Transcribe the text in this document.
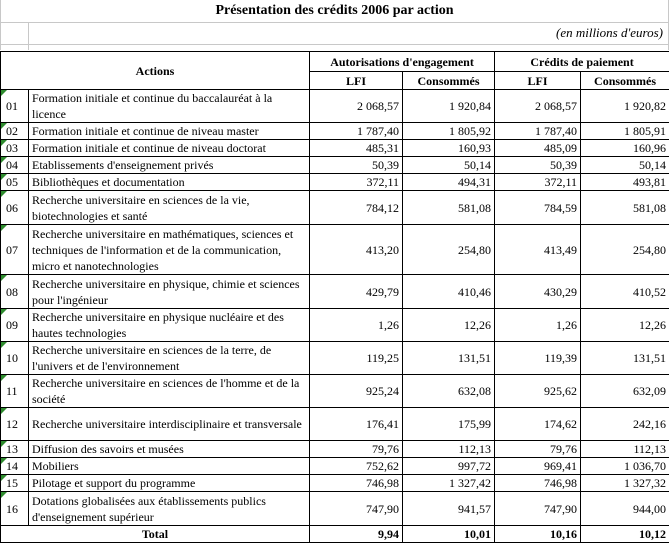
Présentation des crédits 2006 par action
(en millions d'euros)
Actions		Autorisations d'engagement		Crédits de paiement	
		LFI	Consommés	LFI	Consommés
01	Formation initiale et continue du baccalauréat à la licence	2 068,57	1 920,84	2 068,57	1 920,82
02	Formation initiale et continue de niveau master	1 787,40	1 805,92	1 787,40	1 805,91
03	Formation initiale et continue de niveau doctorat	485,31	160,93	485,09	160,96
04	Etablissements d'enseignement privés	50,39	50,14	50,39	50,14
05	Bibliothèques et documentation	372,11	494,31	372,11	493,81
06	Recherche universitaire en sciences de la vie, biotechnologies et santé	784,12	581,08	784,59	581,08
07	Recherche universitaire en mathématiques, sciences et techniques de l'information et de la communication, micro et nanotechnologies	413,20	254,80	413,49	254,80
08	Recherche universitaire en physique, chimie et sciences pour l'ingénieur	429,79	410,46	430,29	410,52
09	Recherche universitaire en physique nucléaire et des hautes technologies	1,26	12,26	1,26	12,26
10	Recherche universitaire en sciences de la terre, de l'univers et de l'environnement	119,25	131,51	119,39	131,51
11	Recherche universitaire en sciences de l'homme et de la société	925,24	632,08	925,62	632,09
12	Recherche universitaire interdisciplinaire et transversale	176,41	175,99	174,62	242,16
13	Diffusion des savoirs et musées	79,76	112,13	79,76	112,13
14	Mobiliers	752,62	997,72	969,41	1 036,70
15	Pilotage et support du programme	746,98	1 327,42	746,98	1 327,32
16	Dotations globalisées aux établissements publics d'enseignement supérieur	747,90	941,57	747,90	944,00
Total		9,94	10,01	10,16	10,12
